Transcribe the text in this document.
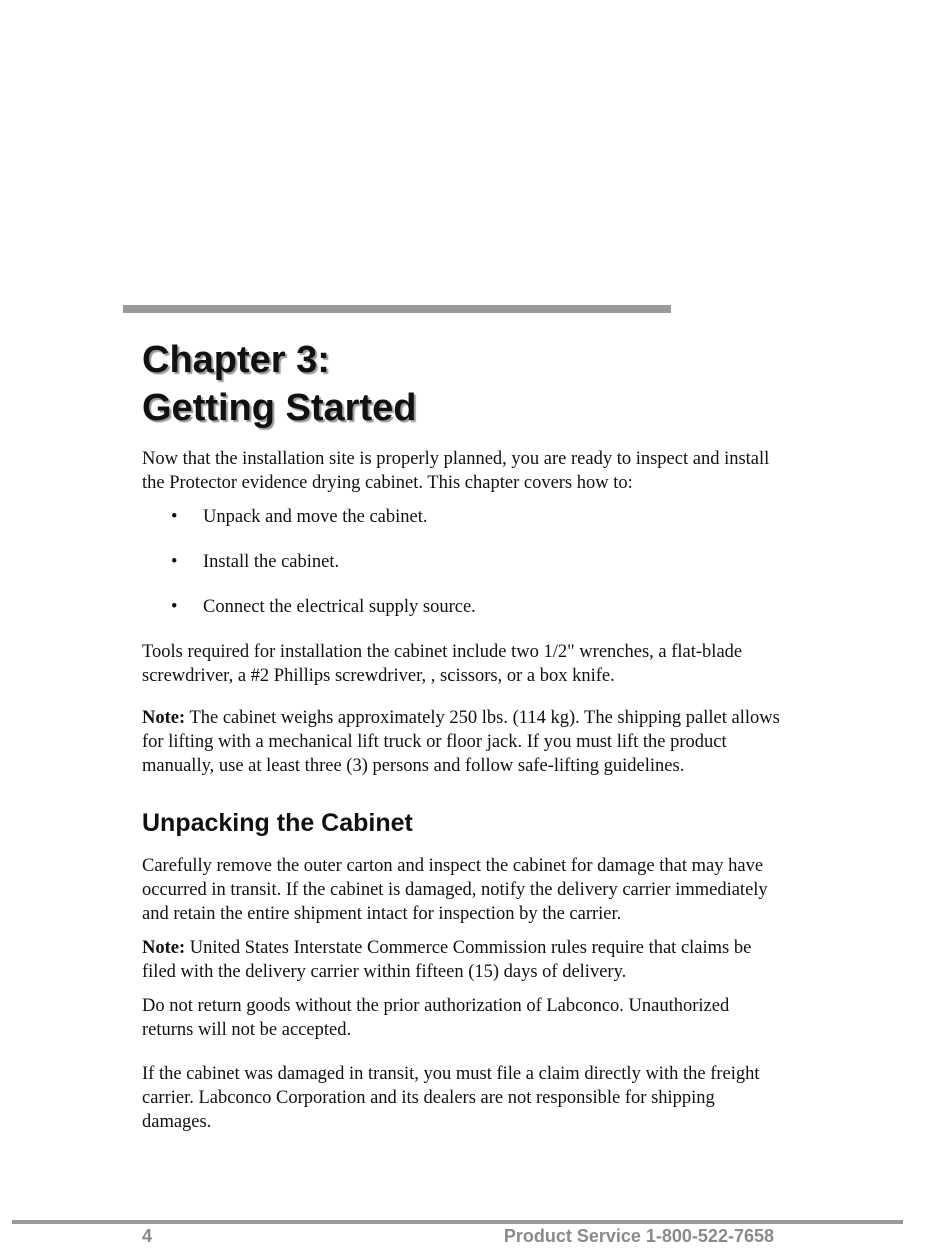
Chapter 3:
Getting Started

Now that the installation site is properly planned, you are ready to inspect and install the Protector evidence drying cabinet. This chapter covers how to:

• Unpack and move the cabinet.
• Install the cabinet.
• Connect the electrical supply source.

Tools required for installation the cabinet include two 1/2" wrenches, a flat-blade screwdriver, a #2 Phillips screwdriver, , scissors, or a box knife.

Note: The cabinet weighs approximately 250 lbs. (114 kg). The shipping pallet allows for lifting with a mechanical lift truck or floor jack. If you must lift the product manually, use at least three (3) persons and follow safe-lifting guidelines.

Unpacking the Cabinet

Carefully remove the outer carton and inspect the cabinet for damage that may have occurred in transit. If the cabinet is damaged, notify the delivery carrier immediately and retain the entire shipment intact for inspection by the carrier.

Note: United States Interstate Commerce Commission rules require that claims be filed with the delivery carrier within fifteen (15) days of delivery.

Do not return goods without the prior authorization of Labconco. Unauthorized returns will not be accepted.

If the cabinet was damaged in transit, you must file a claim directly with the freight carrier. Labconco Corporation and its dealers are not responsible for shipping damages.

4	Product Service 1-800-522-7658
